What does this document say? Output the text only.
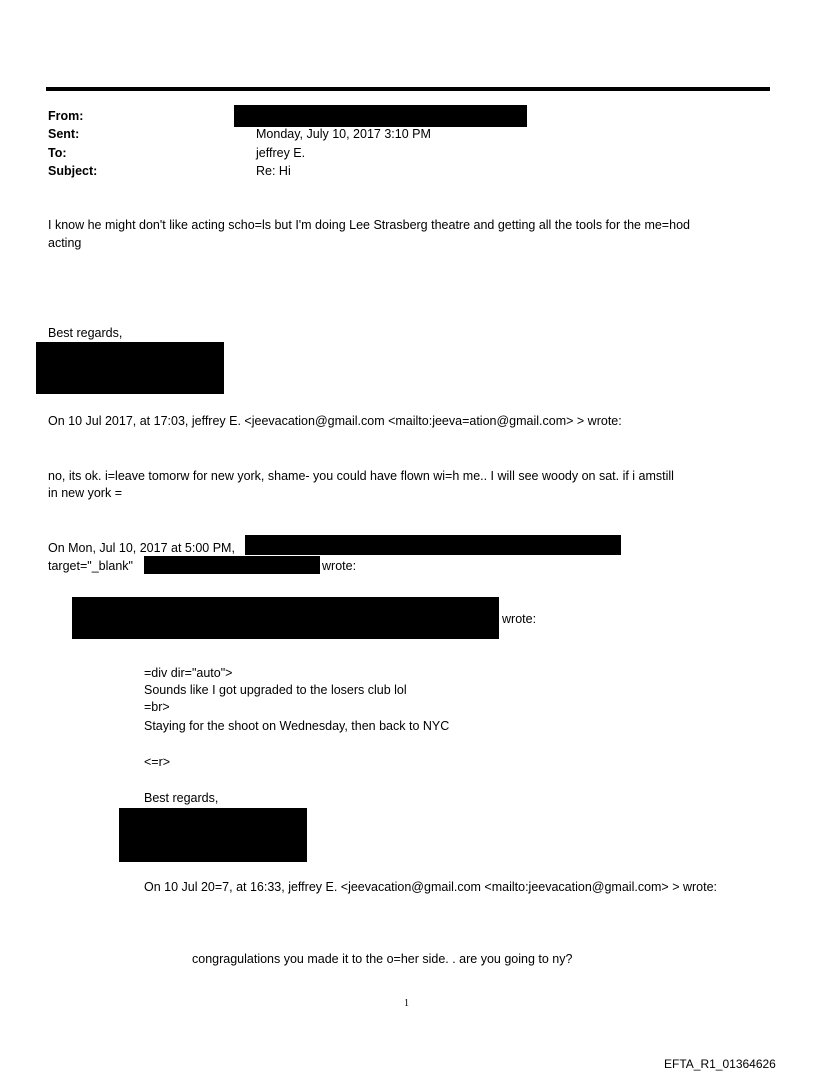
From:
Sent:
To:
Subject:
Monday, July 10, 2017 3:10 PM
jeffrey E.
Re: Hi
I know he might don't like acting scho=ls but I'm doing Lee Strasberg theatre and getting all the tools for the me=hod
acting
Best regards,
On 10 Jul 2017, at 17:03, jeffrey E. <jeevacation@gmail.com <mailto:jeeva=ation@gmail.com> > wrote:
no, its ok. i=leave tomorw for new york, shame- you could have flown wi=h me.. I will see woody on sat. if i amstill
in new york =
On Mon, Jul 10, 2017 at 5:00 PM,
target="_blank"	wrote:
wrote:
=div dir="auto">
Sounds like I got upgraded to the losers club lol
=br>
Staying for the shoot on Wednesday, then back to NYC
<=r>
Best regards,
On 10 Jul 20=7, at 16:33, jeffrey E. <jeevacation@gmail.com <mailto:jeevacation@gmail.com> > wrote:
congragulations you made it to the o=her side. . are you going to ny?
1
EFTA_R1_01364626
